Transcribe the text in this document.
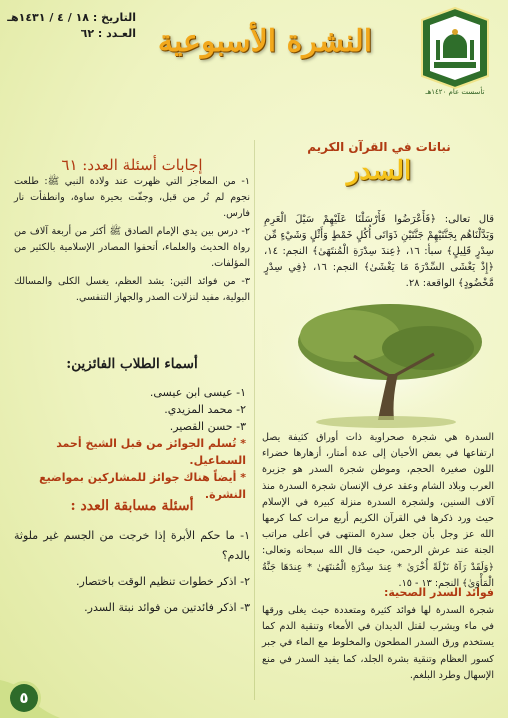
التاريخ : ١٨ / ٤ / ١٤٣١هـ
العـدد : ٦٢ النشرة الأسبوعية
تأسست عام ١٤٢٠هـ
نباتات في القرآن الكريم
السدر
قال تعالى: ﴿فَأَعْرَضُوا فَأَرْسَلْنَا عَلَيْهِمْ سَيْلَ الْعَرِمِ وَبَدَّلْنَاهُم بِجَنَّتَيْهِمْ جَنَّتَيْنِ ذَوَاتَى أُكُلٍ خَمْطٍ وَأَثْلٍ وَشَيْءٍ مِّن سِدْرٍ قَلِيلٍ﴾ سبأ: ١٦، ﴿عِندَ سِدْرَةِ الْمُنتَهَىٰ﴾ النجم: ١٤، ﴿إِذْ يَغْشَى السِّدْرَةَ مَا يَغْشَىٰ﴾ النجم: ١٦، ﴿فِي سِدْرٍ مَّخْضُودٍ﴾ الواقعة: ٢٨.
السدرة هي شجرة صحراوية ذات أوراق كثيفة يصل ارتفاعها في بعض الأحيان إلى عدة أمتار، أزهارها خضراء اللون صغيرة الحجم، وموطن شجرة السدر هو جزيرة العرب وبلاد الشام وعقد عرف الإنسان شجرة السدرة منذ آلاف السنين، ولشجرة السدرة منزلة كبيرة في الإسلام حيث ورد ذكرها في القرآن الكريم أربع مرات كما كرمها الله عز وجل بأن جعل سدرة المنتهى في أعلى مراتب الجنة عند عرش الرحمن، حيث قال الله سبحانه وتعالى: ﴿وَلَقَدْ رَآهُ نَزْلَةً أُخْرَىٰ * عِندَ سِدْرَةِ الْمُنتَهَىٰ * عِندَهَا جَنَّةُ الْمَأْوَىٰ﴾ النجم: ١٣ - ١٥.
فوائد السدر الصحية:
شجرة السدرة لها فوائد كثيرة ومتعددة حيث يغلى ورقها في ماء ويشرب لقتل الديدان في الأمعاء وتنقية الدم كما يستخدم ورق السدر المطحون والمخلوط مع الماء في جبر كسور العظام وتنقية بشرة الجلد، كما يفيد السدر في منع الإسهال وطرد البلغم.
إجابات أسئلة العدد: ٦١

١- من المعاجز التي ظهرت عند ولادة النبي ﷺ: طلعت نجوم لم تُر من قبل، وجفّت بحيرة ساوة، وانطفأت نار فارس.

٢- درس بين يدي الإمام الصادق ﷺ أكثر من أربعة آلاف من رواة الحديث والعلماء، أتحفوا المصادر الإسلامية بالكثير من المؤلفات.

٣- من فوائد التين: يشد العظم، يغسل الكلى والمسالك البولية، مفيد لنزلات الصدر والجهاز التنفسي.

أسماء الطلاب الفائزين:
١- عيسى ابن عيسى.
٢- محمد المزيدي.
٣- حسن القصير.
* تُسلم الجوائز من قبل الشيخ أحمد السماعيل.
* أيضاً هناك جوائز للمشاركين بمواضيع النشرة.
أسئلة مسابقة العدد :

١- ما حكم الأبرة إذا خرجت من الجسم غير ملوثة بالدم؟

٢- اذكر خطوات تنظيم الوقت باختصار.

٣- اذكر فائدتين من فوائد نبتة السدر.

٥
